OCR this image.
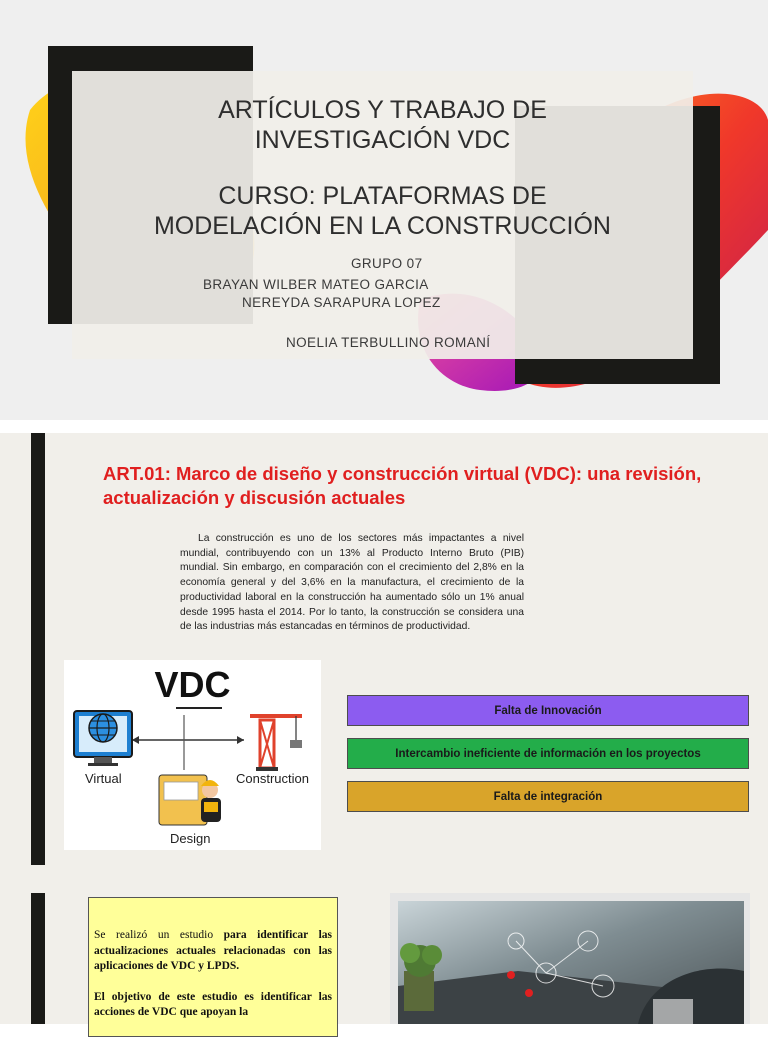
ARTÍCULOS Y TRABAJO DE
INVESTIGACIÓN VDC
CURSO: PLATAFORMAS DE
MODELACIÓN EN LA CONSTRUCCIÓN
GRUPO 07
BRAYAN WILBER MATEO GARCIA
NEREYDA SARAPURA LOPEZ
NOELIA TERBULLINO ROMANÍ
ART.01: Marco de diseño y construcción virtual (VDC): una revisión, actualización y discusión actuales
La construcción es uno de los sectores más impactantes a nivel mundial, contribuyendo con un 13% al Producto Interno Bruto (PIB) mundial. Sin embargo, en comparación con el crecimiento del 2,8% en la economía general y del 3,6% en la manufactura, el crecimiento de la productividad laboral en la construcción ha aumentado sólo un 1% anual desde 1995 hasta el 2014. Por lo tanto, la construcción se considera una de las industrias más estancadas en términos de productividad.
VDC
Virtual	Construction
Design
Falta de Innovación
Intercambio ineficiente de información en los proyectos
Falta de integración

Se realizó un estudio para identificar las actualizaciones actuales relacionadas con las aplicaciones de VDC y LPDS.

El objetivo de este estudio es identificar las acciones de VDC que apoyan la
